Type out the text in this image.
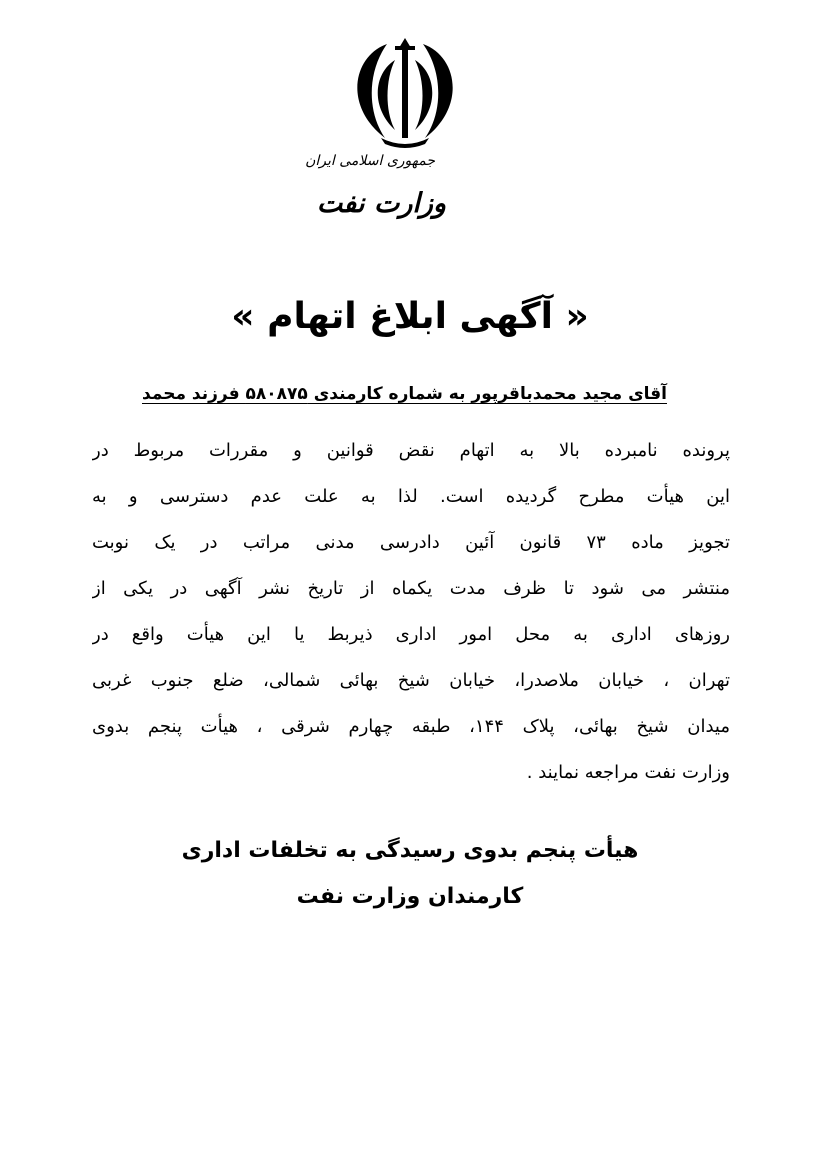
جمهوری اسلامی ایران
وزارت نفت
« آگهی ابلاغ اتهام »
آقای مجید محمدباقرپور به شماره کارمندی ۵۸۰۸۷۵ فرزند محمد
پرونده نامبرده بالا به اتهام نقض قوانین و مقررات مربوط در
این هیأت مطرح گردیده است. لذا به علت عدم دسترسی و به
تجویز ماده ۷۳ قانون آئین دادرسی مدنی مراتب در یک نوبت
منتشر می شود تا ظرف مدت یکماه از تاریخ نشر آگهی در یکی از
روزهای اداری به محل امور اداری ذیربط یا این هیأت واقع در
تهران ، خیابان ملاصدرا، خیابان شیخ بهائی شمالی، ضلع جنوب غربی
میدان شیخ بهائی، پلاک ۱۴۴، طبقه چهارم شرقی ، هیأت پنجم بدوی
وزارت نفت مراجعه نمایند .
هیأت پنجم بدوی رسیدگی به تخلفات اداری
کارمندان وزارت نفت
